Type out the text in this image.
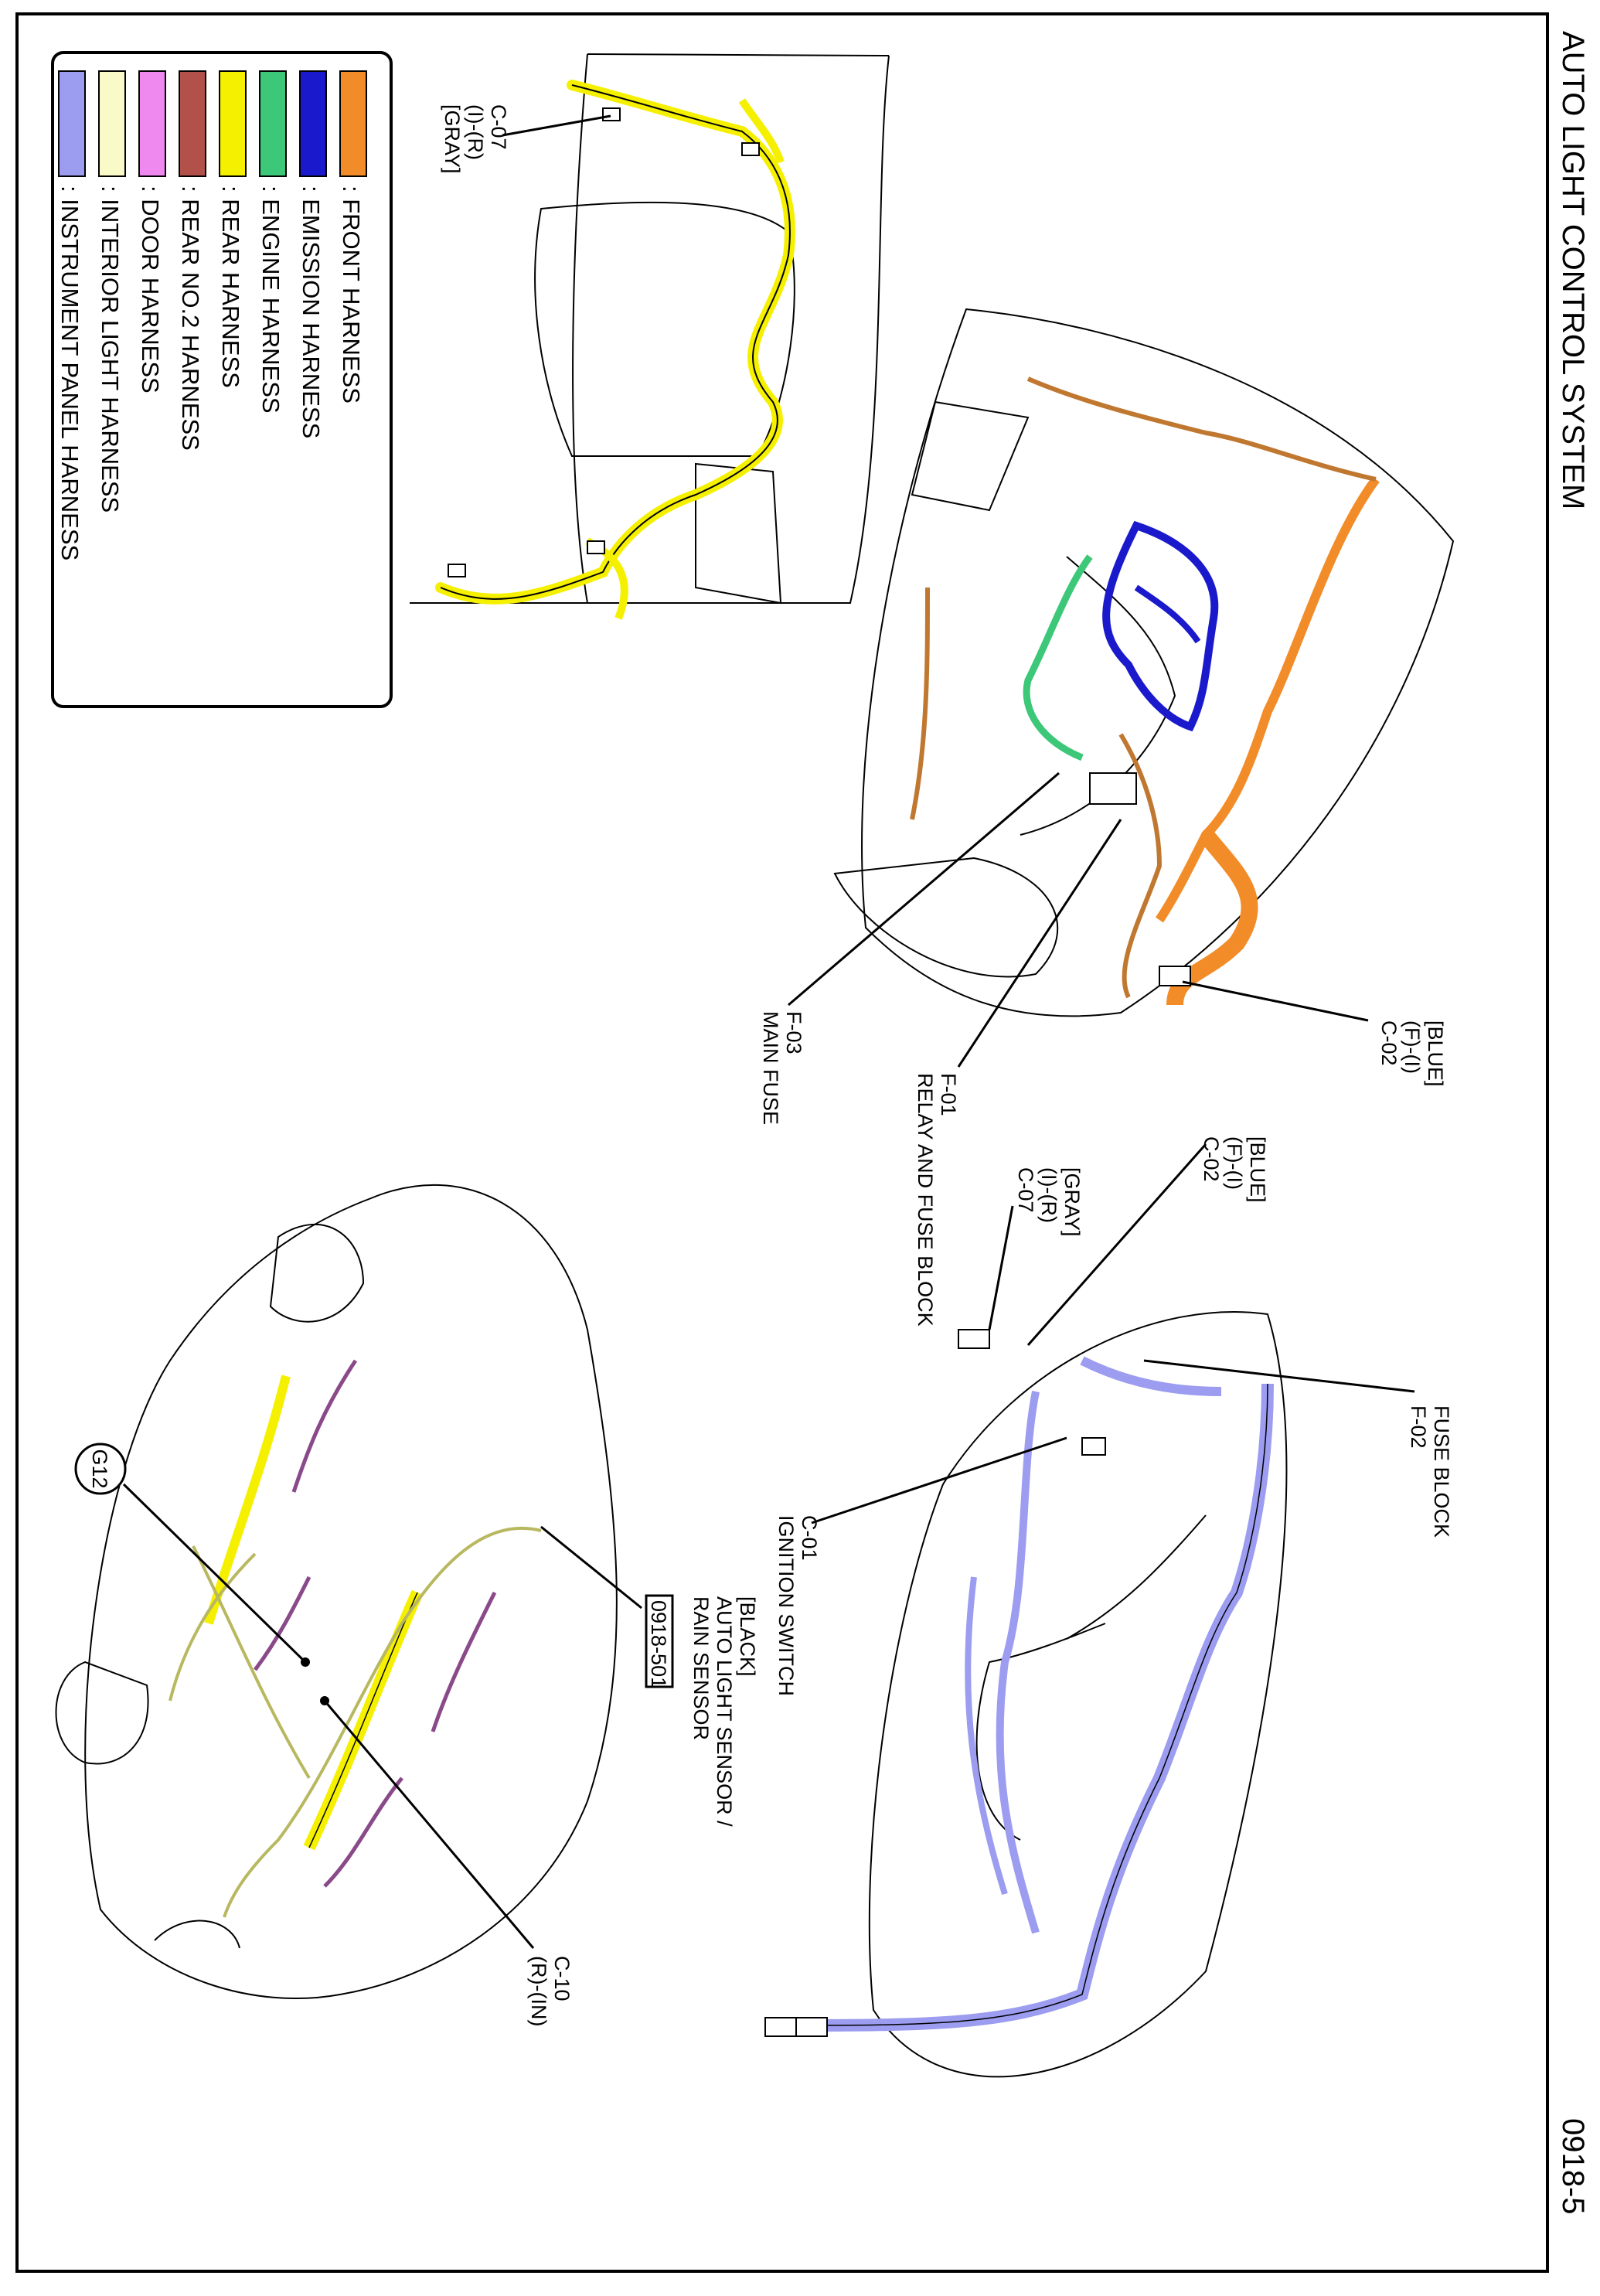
AUTO LIGHT CONTROL SYSTEM
0918-5
: FRONT HARNESS
: EMISSION HARNESS
: ENGINE HARNESS
: REAR HARNESS
: REAR NO.2 HARNESS
: DOOR HARNESS
: INTERIOR LIGHT HARNESS
: INSTRUMENT PANEL HARNESS
C-07
(I)-(R)
[GRAY]
[BLUE]
(F)-(I)
C-02
F-01
RELAY AND FUSE BLOCK
F-03
MAIN FUSE
[BLUE]
(F)-(I)
C-02
[GRAY]
(I)-(R)
C-07
FUSE BLOCK
F-02
C-01
IGNITION SWITCH
[BLACK]
AUTO LIGHT SENSOR /
RAIN SENSOR
0918-501
G12
C-10
(R)-(IN)
